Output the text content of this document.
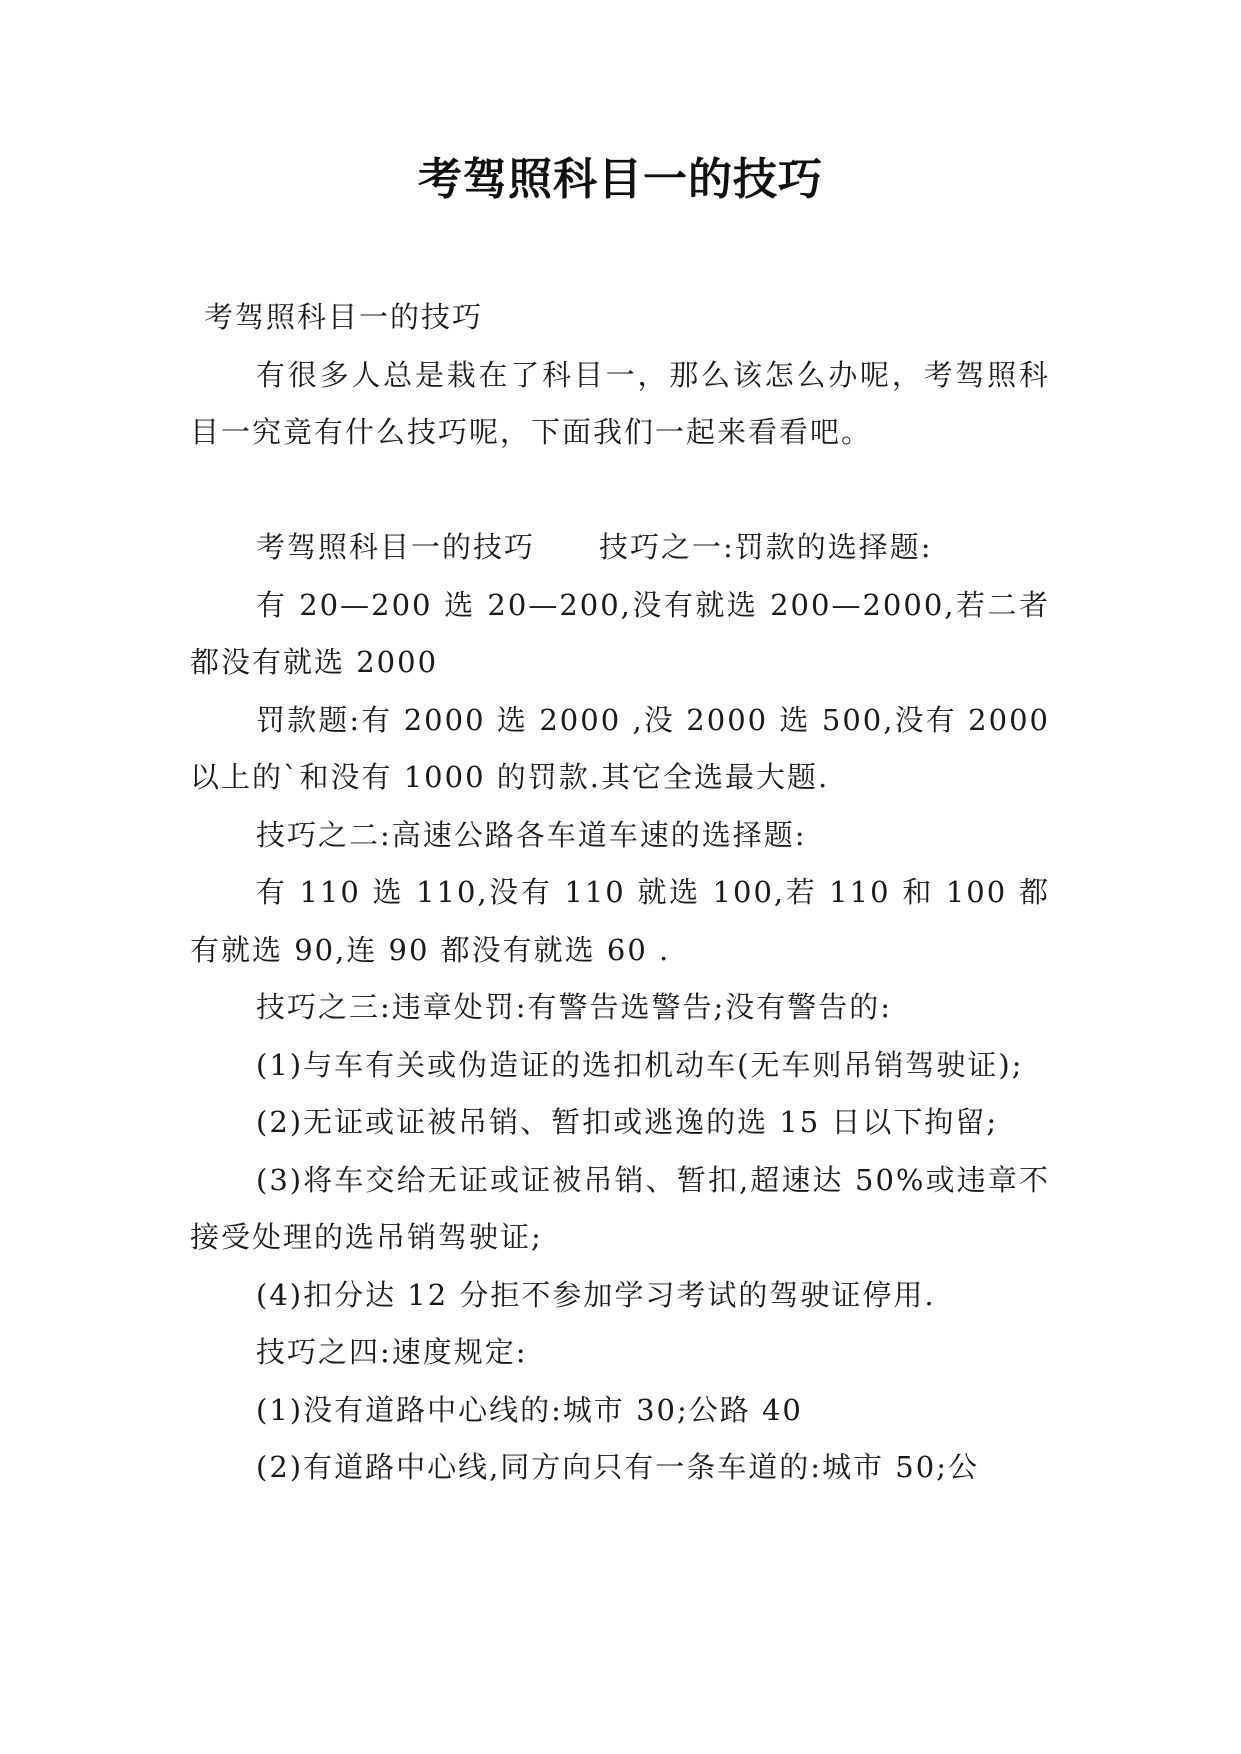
考驾照科目一的技巧

考驾照科目一的技巧

有很多人总是栽在了科目一，那么该怎么办呢，考驾照科目一究竟有什么技巧呢，下面我们一起来看看吧。

考驾照科目一的技巧 技巧之一:罚款的选择题:

有 20—200 选 20—200,没有就选 200—2000,若二者都没有就选 2000

罚款题:有 2000 选 2000 ,没 2000 选 500,没有 2000 以上的`和没有 1000 的罚款.其它全选最大题.

技巧之二:高速公路各车道车速的选择题:

有 110 选 110,没有 110 就选 100,若 110 和 100 都有就选 90,连 90 都没有就选 60 .

技巧之三:违章处罚:有警告选警告;没有警告的:

(1)与车有关或伪造证的选扣机动车(无车则吊销驾驶证);

(2)无证或证被吊销、暂扣或逃逸的选 15 日以下拘留;

(3)将车交给无证或证被吊销、暂扣,超速达 50%或违章不接受处理的选吊销驾驶证;

(4)扣分达 12 分拒不参加学习考试的驾驶证停用.

技巧之四:速度规定:

(1)没有道路中心线的:城市 30;公路 40

(2)有道路中心线,同方向只有一条车道的:城市 50;公
